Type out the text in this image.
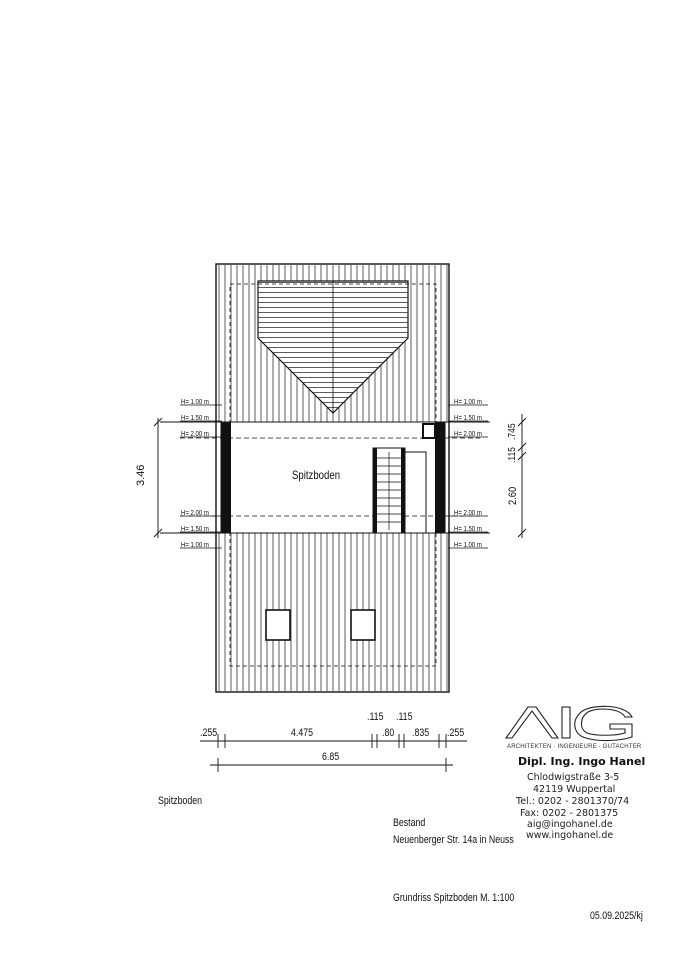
H= 1.00 m
H= 1.50 m
H= 2.00 m
H= 2.00 m
H= 1.50 m
H= 1.00 m
H= 1.00 m
H= 1.50 m
H= 2.00 m
H= 2.00 m
H= 1.50 m
H= 1.00 m
Spitzboden
3.46
.745
.115
2.60
.115 .115
.255	4.475	.80 .835 .255
6.85
Spitzboden
Bestand
Neuenberger Str. 14a in Neuss
Grundriss Spitzboden M. 1:100
05.09.2025/kj
ARCHITEKTEN · INGENIEURE · GUTACHTER
Dipl. Ing. Ingo Hanel
Chlodwigstraße 3-5
42119 Wuppertal
Tel.: 0202 - 2801370/74
Fax: 0202 - 2801375
aig@ingohanel.de
www.ingohanel.de
